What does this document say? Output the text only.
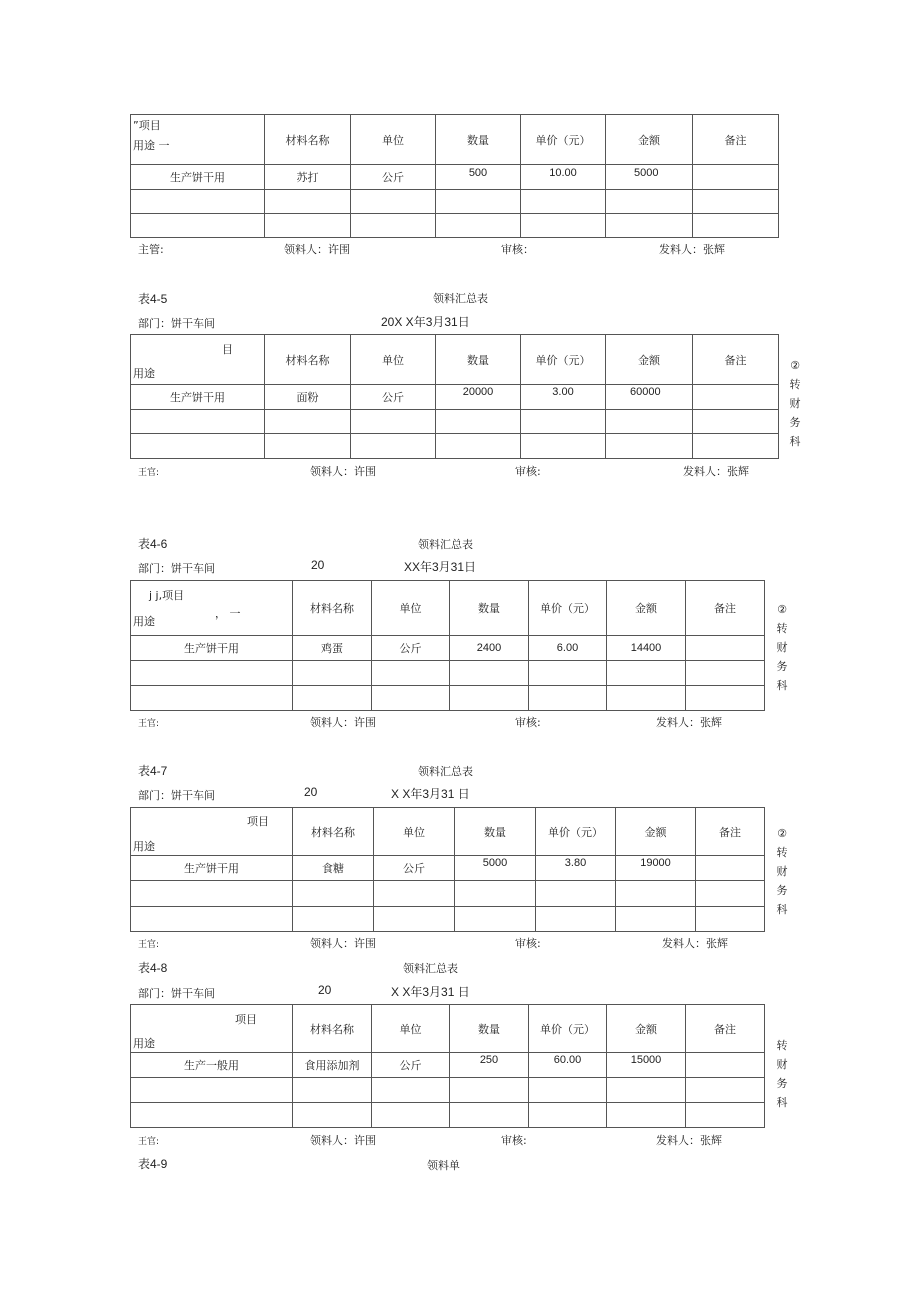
”项目
用途 一	材料名称	单位	数量	单价（元）	金额	备注
生产饼干用	苏打	公斤	500	10.00	5000	

主管:	领料人：许围	审核：	发料人：张辉
表4-5	领料汇总表
部门：饼干车间	20X X年3月31日
目
用途	材料名称	单位	数量	单价（元）	金额	备注
生产饼干用	面粉	公斤	20000	3.00	60000	

②
转
财
务
科
王官:	领料人：许围	审核:	发料人：张辉
表4-6	领料汇总表
部门：饼干车间	20	XX年3月31日
j j,项目
， 一
用途	材料名称	单位	数量	单价（元）	金额	备注
生产饼干用	鸡蛋	公斤	2400	6.00	14400	

②
转
财
务
科
王官:	领料人：许围	审核:	发料人：张辉
表4-7	领料汇总表
部门：饼干车间	20	X X年3月31 日
项目
用途	材料名称	单位	数量	单价（元）	金额	备注
生产饼干用	食糖	公斤	5000	3.80	19000	

②
转
财
务
科
王官:	领料人：许围	审核:	发料人：张辉
表4-8	领料汇总表
部门：饼干车间	20	X X年3月31 日
项目
用途	材料名称	单位	数量	单价（元）	金额	备注
生产一般用	食用添加剂	公斤	250	60.00	15000	

转
财
务
科
王官:	领料人：许围	审核:	发料人：张辉
表4-9	领料单
